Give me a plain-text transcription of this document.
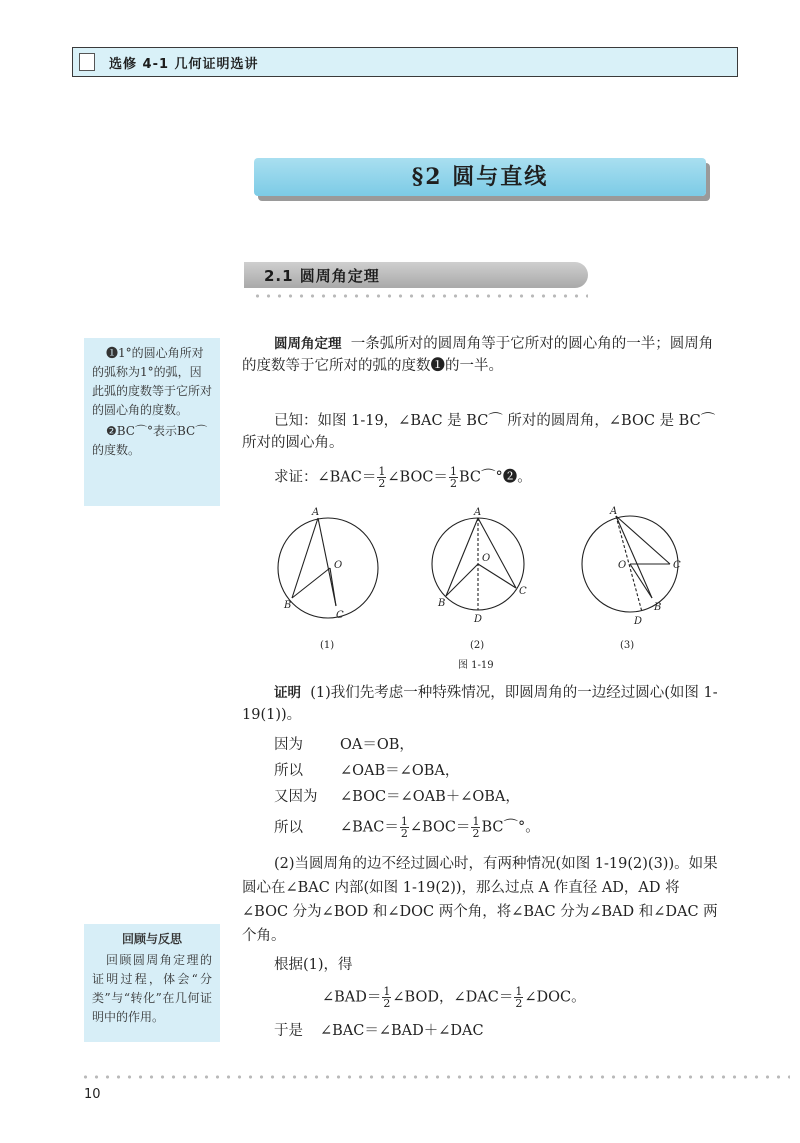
选修 4-1 几何证明选讲
§2 圆与直线
2.1 圆周角定理

❶1°的圆心角所对的弧称为1°的弧，因此弧的度数等于它所对的圆心角的度数。

❷BC⌒°表示BC⌒的度数。

圆周角定理 一条弧所对的圆周角等于它所对的圆心角的一半；圆周角的度数等于它所对的弧的度数❶的一半。
已知：如图 1-19，∠BAC 是 BC⌒ 所对的圆周角，∠BOC 是 BC⌒ 所对的圆心角。
求证：∠BAC＝ $\frac{1}{2}$ ∠BOC＝ $\frac{1}{2}$ BC⌒°❷。
A
B
C
O
A
B
C
O
D
A
B
C
O
D
(1)	(2)	(3)
图 1-19
证明 (1)我们先考虑一种特殊情况，即圆周角的一边经过圆心(如图 1-19(1))。
因为	OA＝OB，
所以	∠OAB＝∠OBA，
又因为 ∠BOC＝∠OAB＋∠OBA，
所以	∠BAC＝ $\frac{1}{2}$ ∠BOC＝ $\frac{1}{2}$ BC⌒°。
(2)当圆周角的边不经过圆心时，有两种情况(如图 1-19(2)(3))。如果圆心在∠BAC 内部(如图 1-19(2))，那么过点 A 作直径 AD，AD 将∠BOC 分为∠BOD 和∠DOC 两个角，将∠BAC 分为∠BAD 和∠DAC 两个角。
回顾与反思

回顾圆周角定理的证明过程，体会“分类”与“转化”在几何证明中的作用。

根据(1)，得
∠BAD＝ $\frac{1}{2}$ ∠BOD，∠DAC＝ $\frac{1}{2}$ ∠DOC。
于是 ∠BAC＝∠BAD＋∠DAC
10
